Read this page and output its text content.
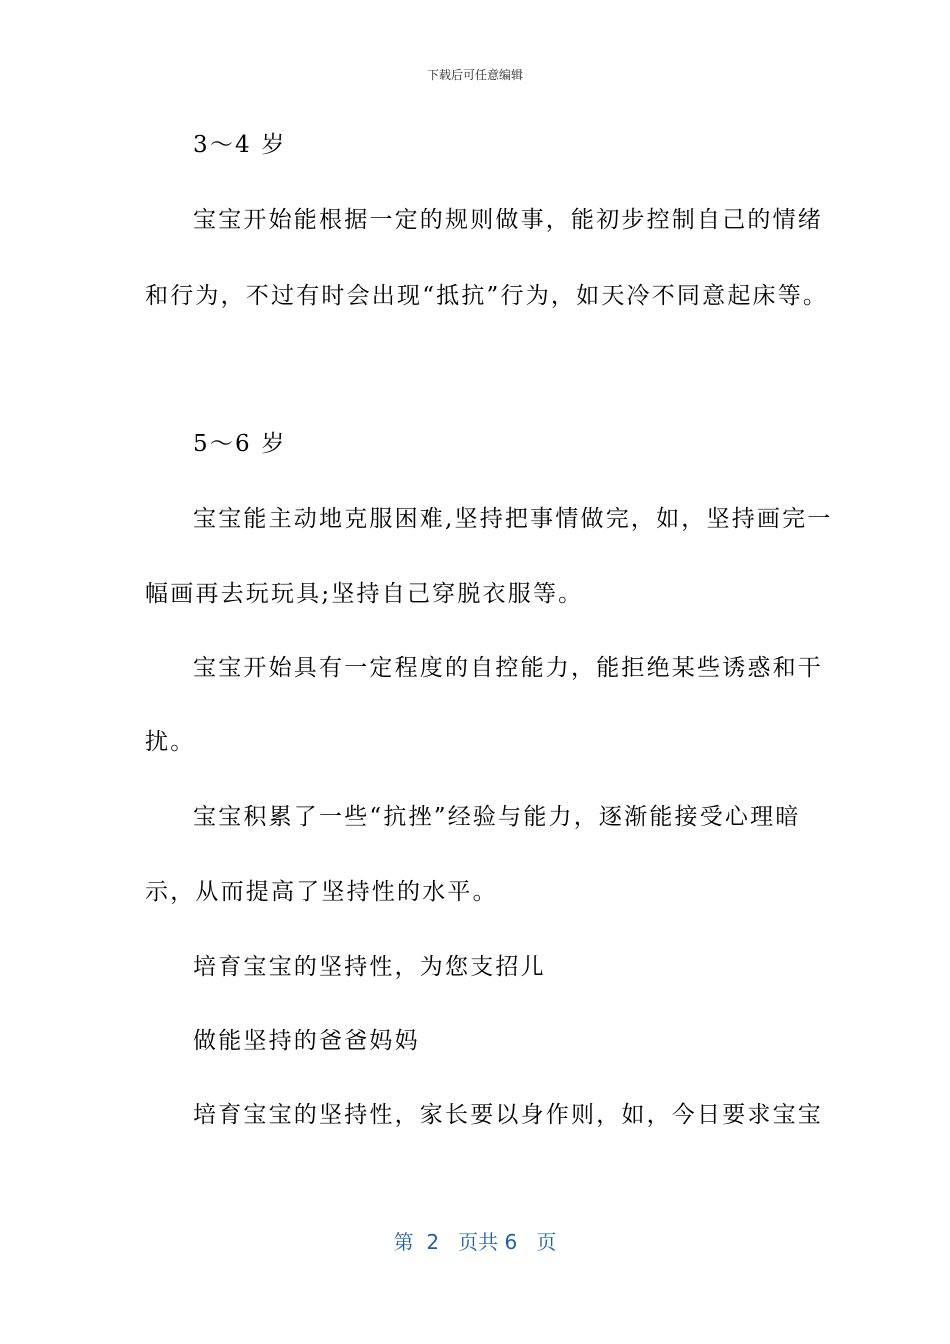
下载后可任意编辑
3～4 岁
宝宝开始能根据一定的规则做事，能初步控制自己的情绪
和行为，不过有时会出现“抵抗”行为，如天冷不同意起床等。
5～6 岁
宝宝能主动地克服困难,坚持把事情做完，如，坚持画完一
幅画再去玩玩具;坚持自己穿脱衣服等。
宝宝开始具有一定程度的自控能力，能拒绝某些诱惑和干
扰。
宝宝积累了一些“抗挫”经验与能力，逐渐能接受心理暗
示，从而提高了坚持性的水平。
培育宝宝的坚持性，为您支招儿
做能坚持的爸爸妈妈
培育宝宝的坚持性，家长要以身作则，如，今日要求宝宝
第  2   页共 6   页
